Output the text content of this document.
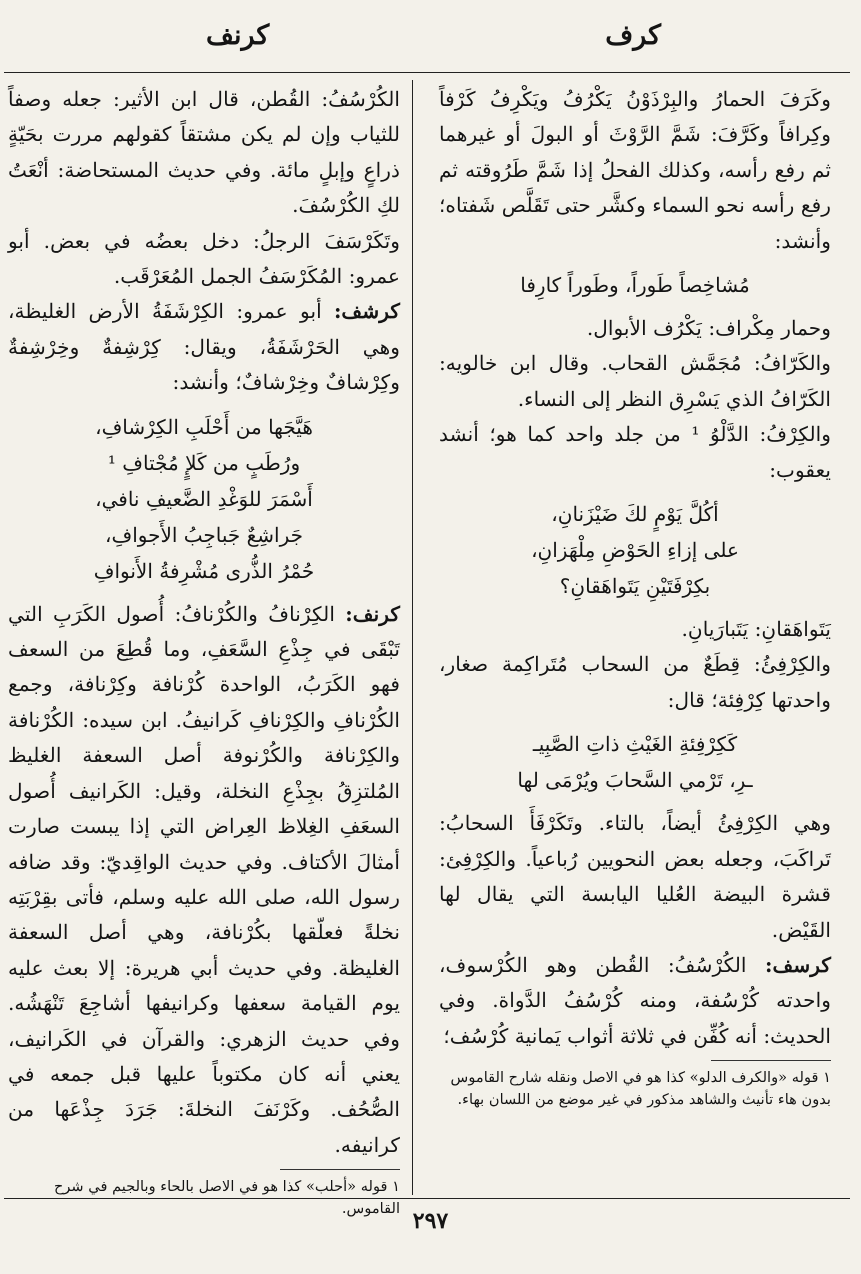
كرف
كرنف

وكَرَفَ الحمارُ والبِرْذَوْنُ يَكْرُفُ ويَكْرِفُ كَرْفاً وكِرافاً وكَرَّفَ: شَمَّ الرَّوْثَ أو البولَ أو غيرهما ثم رفع رأسه، وكذلك الفحلُ إذا شَمَّ طَرُوقته ثم رفع رأسه نحو السماء وكشَّر حتى تَقَلَّص شَفتاه؛ وأنشد:

مُشاخِصاً طَوراً، وطَوراً كارِفا

وحمار مِكْراف: يَكْرُف الأبوال.

والكَرّافُ: مُجَمَّش القحاب. وقال ابن خالويه: الكَرّافُ الذي يَسْرِق النظر إلى النساء.

والكِرْفُ: الدَّلْوُ ¹ من جلد واحد كما هو؛ أنشد يعقوب:

أكُلَّ يَوْمٍ لكَ ضَيْزَنانِ،
على إزاءِ الحَوْضِ مِلْهَزانِ،
بكِرْفَتَيْنِ يَتَواهَقانِ؟

يَتَواهَقانِ: يَتَبارَيانِ.

والكِرْفِئُ: قِطَعٌ من السحاب مُتَراكِمة صغار، واحدتها كِرْفِئة؛ قال:

كَكِرْفِئةِ الغَيْثِ ذاتِ الصَّبِيـ
ـرِ، تَرْمي السَّحابَ ويُرْمَى لها

وهي الكِرْفِئُ أيضاً، بالتاء. وتَكَرْفَأَ السحابُ: تَراكَبَ، وجعله بعض النحويين رُباعياً. والكِرْفِئ: قشرة البيضة العُليا اليابسة التي يقال لها القَيْض.

كرسف: الكُرْسُفُ: القُطن وهو الكُرْسوف، واحدته كُرْسُفة، ومنه كُرْسُفُ الدَّواة. وفي الحديث: أنه كُفِّن في ثلاثة أثواب يَمانية كُرْسُف؛

١ قوله «والكرف الدلو» كذا هو في الاصل ونقله شارح القاموس بدون هاء تأنيث والشاهد مذكور في غير موضع من اللسان بهاء.

الكُرْسُفُ: القُطن، قال ابن الأثير: جعله وصفاً للثياب وإن لم يكن مشتقاً كقولهم مررت بحَيّةٍ ذراعٍ وإبلٍ مائة. وفي حديث المستحاضة: أنْعَتُ لكِ الكُرْسُفَ.

وتَكَرْسَفَ الرجلُ: دخل بعضُه في بعض. أبو عمرو: المُكَرْسَفُ الجمل المُعَرْقَب.

كرشف: أبو عمرو: الكِرْشَفَةُ الأرض الغليظة، وهي الحَرْشَفَةُ، ويقال: كِرْشِفةٌ وخِرْشِفةٌ وكِرْشافٌ وخِرْشافٌ؛ وأنشد:

هَيَّجَها من أَحْلَبِ الكِرْشافِ،
ورُطَبٍ من كَلإٍ مُجْتافِ ¹
أَسْمَرَ للوَغْدِ الضَّعيفِ نافي،
جَراشِعٌ جَباجِبُ الأَجوافِ،
حُمْرُ الذُّرى مُشْرِفةُ الأَنوافِ

كرنف: الكِرْنافُ والكُرْنافُ: أُصول الكَرَبِ التي تَبْقَى في جِذْعِ السَّعَفِ، وما قُطِعَ من السعف فهو الكَرَبُ، الواحدة كُرْنافة وكِرْنافة، وجمع الكُرْنافِ والكِرْنافِ كَرانيفُ. ابن سيده: الكُرْنافة والكِرْنافة والكُرْنوفة أصل السعفة الغليظ المُلتزِقُ بجِذْعِ النخلة، وقيل: الكَرانيف أُصول السعَفِ الغِلاظ العِراض التي إذا يبست صارت أمثالَ الأكتاف. وفي حديث الواقِديّ: وقد ضافه رسول الله، صلى الله عليه وسلم، فأتى بقِرْبَتِه نخلةً فعلّقها بكُرْنافة، وهي أصل السعفة الغليظة. وفي حديث أبي هريرة: إلا بعث عليه يوم القيامة سعفها وكرانيفها أشاجِعَ تَنْهَشُه. وفي حديث الزهري: والقرآن في الكَرانيف، يعني أنه كان مكتوباً عليها قبل جمعه في الصُّحُف. وكَرْنَفَ النخلةَ: جَرَدَ جِذْعَها من كرانيفه.

١ قوله «أحلب» كذا هو في الاصل بالحاء وبالجيم في شرح القاموس. ٢٩٧
